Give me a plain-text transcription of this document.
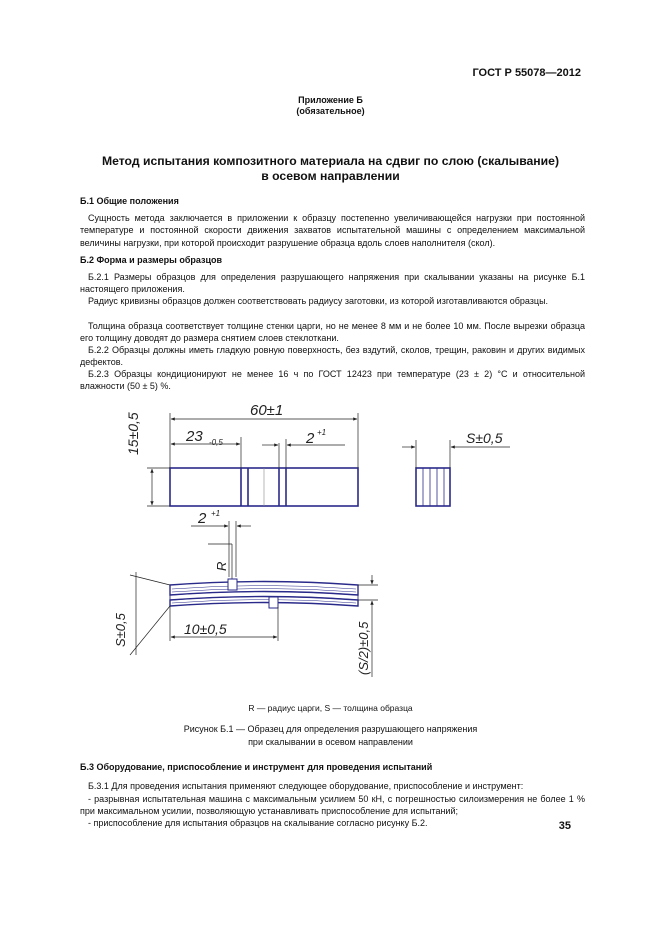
ГОСТ Р 55078—2012
Приложение Б
(обязательное)
Метод испытания композитного материала на сдвиг по слою (скалывание)
в осевом направлении
Б.1 Общие положения
Сущность метода заключается в приложении к образцу постепенно увеличивающейся нагрузки при постоянной температуре и постоянной скорости движения захватов испытательной машины с определением максимальной величины нагрузки, при которой происходит разрушение образца вдоль слоев наполнителя (скол).
Б.2 Форма и размеры образцов
Б.2.1 Размеры образцов для определения разрушающего напряжения при скалывании указаны на рисунке Б.1 настоящего приложения.
Радиус кривизны образцов должен соответствовать радиусу заготовки, из которой изготавливаются образцы.
Толщина образца соответствует толщине стенки царги, но не менее 8 мм и не более 10 мм. После вырезки образца его толщину доводят до размера снятием слоев стеклоткани.
Б.2.2 Образцы должны иметь гладкую ровную поверхность, без вздутий, сколов, трещин, раковин и других видимых дефектов.
Б.2.3 Образцы кондиционируют не менее 16 ч по ГОСТ 12423 при температуре (23 ± 2) °С и относительной влажности (50 ± 5) %.
60±1
23 -0,5	2 +1
15±0,5	S±0,5
2 +1
R
S±0,5	10±0,5	(S/2)±0,5
R — радиус царги, S — толщина образца
Рисунок Б.1 — Образец для определения разрушающего напряжения
при скалывании в осевом направлении
Б.3 Оборудование, приспособление и инструмент для проведения испытаний
Б.3.1 Для проведения испытания применяют следующее оборудование, приспособление и инструмент:
- разрывная испытательная машина с максимальным усилием 50 кН, с погрешностью силоизмерения не более 1 % при максимальном усилии, позволяющую устанавливать приспособление для испытаний;
- приспособление для испытания образцов на скалывание согласно рисунку Б.2.	35
